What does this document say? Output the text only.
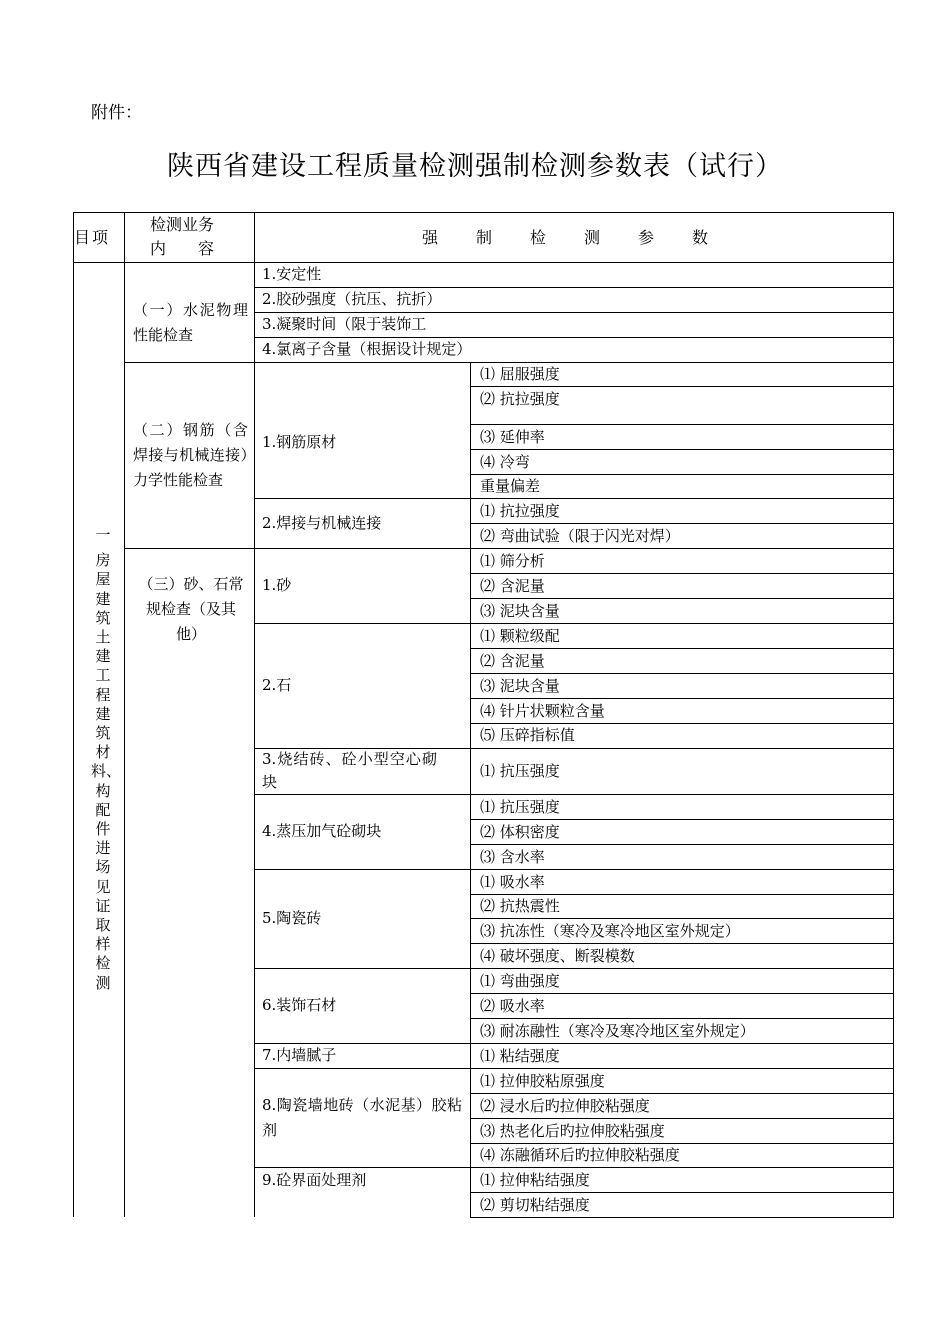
附件：
陕西省建设工程质量检测强制检测参数表（试行）
目 项
检测业务
内　　容
强制检测参数
一
房屋建筑土建工程建筑材料、构配件进场见证取样检测
（一）水泥物理性能检查
（二）钢筋（含焊接与机械连接）力学性能检查
（三）砂、石常规检查（及其他）
1.安定性
2.胶砂强度（抗压、抗折）
3.凝聚时间（限于装饰工
4.氯离子含量（根据设计规定）
1.钢筋原材
⑴ 屈服强度
⑵ 抗拉强度
⑶ 延伸率
⑷ 冷弯
重量偏差
2.焊接与机械连接
⑴ 抗拉强度
⑵ 弯曲试验（限于闪光对焊）
1.砂
⑴ 筛分析
⑵ 含泥量
⑶ 泥块含量
2.石
⑴ 颗粒级配
⑵ 含泥量
⑶ 泥块含量
⑷ 针片状颗粒含量
⑸ 压碎指标值
3.烧结砖、砼小型空心砌块
⑴ 抗压强度
4.蒸压加气砼砌块
⑴ 抗压强度
⑵ 体积密度
⑶ 含水率
5.陶瓷砖
⑴ 吸水率
⑵ 抗热震性
⑶ 抗冻性（寒冷及寒冷地区室外规定）
⑷ 破坏强度、断裂模数
6.装饰石材
⑴ 弯曲强度
⑵ 吸水率
⑶ 耐冻融性（寒冷及寒冷地区室外规定）
7.内墙腻子	⑴ 粘结强度
8.陶瓷墙地砖（水泥基）胶粘剂
⑴ 拉伸胶粘原强度
⑵ 浸水后旳拉伸胶粘强度
⑶ 热老化后旳拉伸胶粘强度
⑷ 冻融循环后旳拉伸胶粘强度
9.砼界面处理剂	⑴ 拉伸粘结强度
⑵ 剪切粘结强度
